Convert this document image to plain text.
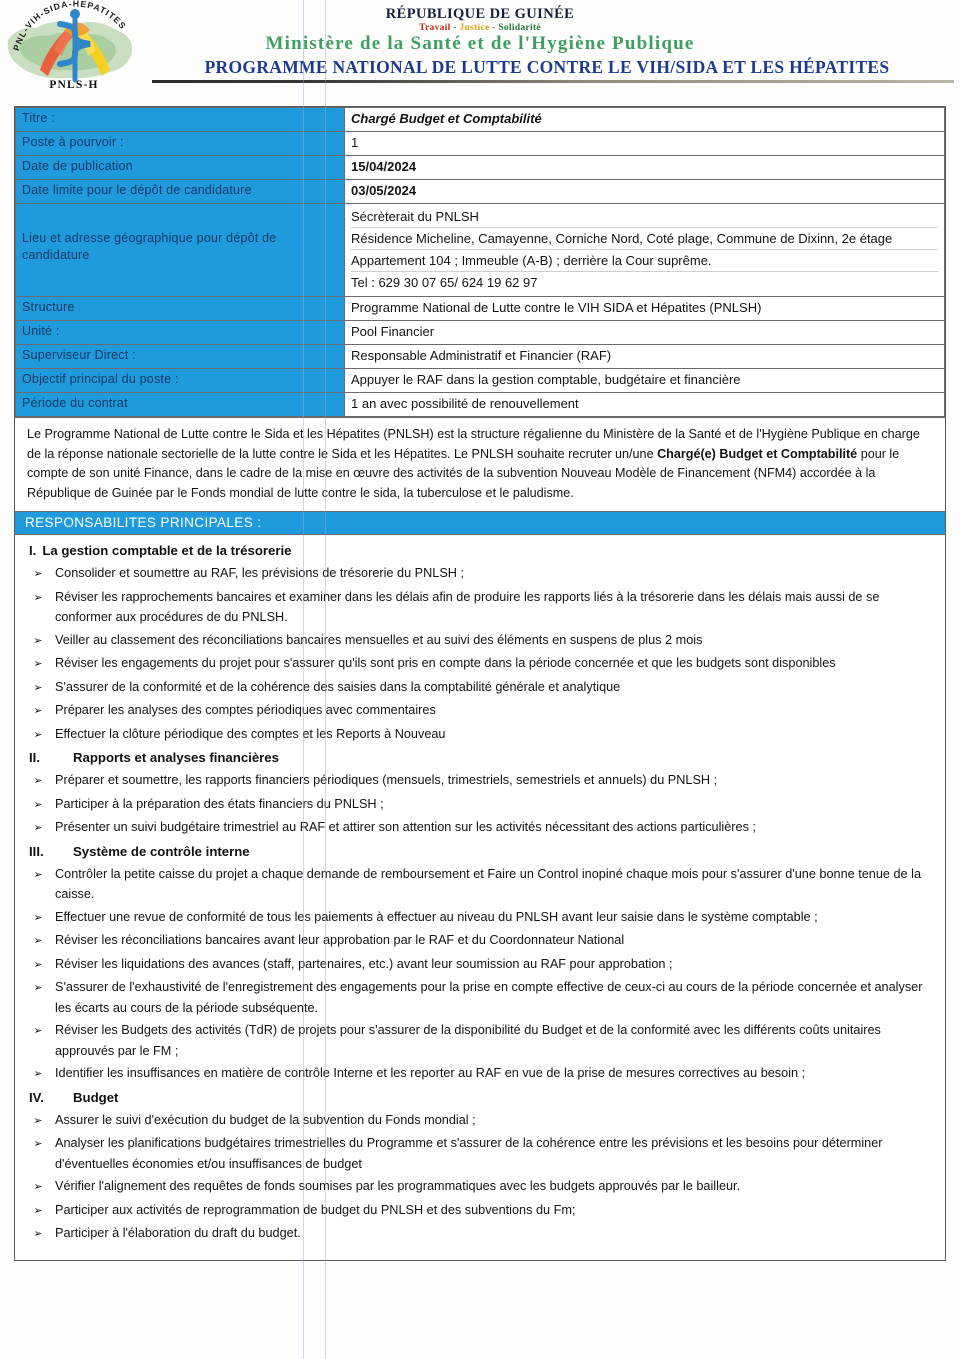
PNL-VIH-SIDA-HEPATITES
PNLS-H
RÉPUBLIQUE DE GUINÉE
Travail - Justice - Solidarité
Ministère de la Santé et de l'Hygiène Publique
PROGRAMME NATIONAL DE LUTTE CONTRE LE VIH/SIDA ET LES HÉPATITES
Titre :	Chargé Budget et Comptabilité
Poste à pourvoir :	1
Date de publication	15/04/2024
Date limite pour le dépôt de candidature	03/05/2024
Lieu et adresse géographique pour dépôt de candidature	Sécrèterait du PNLSH
Résidence Micheline, Camayenne, Corniche Nord, Coté plage, Commune de Dixinn, 2e étage
Appartement 104 ; Immeuble (A-B) ; derrière la Cour suprême.
Tel : 629 30 07 65/ 624 19 62 97

Structure	Programme National de Lutte contre le VIH SIDA et Hépatites (PNLSH)
Unité :	Pool Financier
Superviseur Direct :	Responsable Administratif et Financier (RAF)
Objectif principal du poste :	Appuyer le RAF dans la gestion comptable, budgétaire et financière
Période du contrat	1 an avec possibilité de renouvellement
Le Programme National de Lutte contre le Sida et les Hépatites (PNLSH) est la structure régalienne du Ministère de la Santé et de l'Hygiène Publique en charge de la réponse nationale sectorielle de la lutte contre le Sida et les Hépatites. Le PNLSH souhaite recruter un/une Chargé(e) Budget et Comptabilité pour le compte de son unité Finance, dans le cadre de la mise en œuvre des activités de la subvention Nouveau Modèle de Financement (NFM4) accordée à la République de Guinée par le Fonds mondial de lutte contre le sida, la tuberculose et le paludisme.
RESPONSABILITES PRINCIPALES :
I. La gestion comptable et de la trésorerie
➢ Consolider et soumettre au RAF, les prévisions de trésorerie du PNLSH ;
➢ Réviser les rapprochements bancaires et examiner dans les délais afin de produire les rapports liés à la trésorerie dans les délais mais aussi de se conformer aux procédures de du PNLSH.
➢ Veiller au classement des réconciliations bancaires mensuelles et au suivi des éléments en suspens de plus 2 mois
➢ Réviser les engagements du projet pour s'assurer qu'ils sont pris en compte dans la période concernée et que les budgets sont disponibles
➢ S'assurer de la conformité et de la cohérence des saisies dans la comptabilité générale et analytique
➢ Préparer les analyses des comptes périodiques avec commentaires
➢ Effectuer la clôture périodique des comptes et les Reports à Nouveau
II.	Rapports et analyses financières
➢ Préparer et soumettre, les rapports financiers périodiques (mensuels, trimestriels, semestriels et annuels) du PNLSH ;
➢ Participer à la préparation des états financiers du PNLSH ;
➢ Présenter un suivi budgétaire trimestriel au RAF et attirer son attention sur les activités nécessitant des actions particulières ;
III.	Système de contrôle interne
➢ Contrôler la petite caisse du projet a chaque demande de remboursement et Faire un Control inopiné chaque mois pour s'assurer d'une bonne tenue de la caisse.
➢ Effectuer une revue de conformité de tous les paiements à effectuer au niveau du PNLSH avant leur saisie dans le système comptable ;
➢ Réviser les réconciliations bancaires avant leur approbation par le RAF et du Coordonnateur National
➢ Réviser les liquidations des avances (staff, partenaires, etc.) avant leur soumission au RAF pour approbation ;
➢ S'assurer de l'exhaustivité de l'enregistrement des engagements pour la prise en compte effective de ceux-ci au cours de la période concernée et analyser les écarts au cours de la période subséquente.
➢ Réviser les Budgets des activités (TdR) de projets pour s'assurer de la disponibilité du Budget et de la conformité avec les différents coûts unitaires approuvés par le FM ;
➢ Identifier les insuffisances en matière de contrôle Interne et les reporter au RAF en vue de la prise de mesures correctives au besoin ;
IV.	Budget
➢ Assurer le suivi d'exécution du budget de la subvention du Fonds mondial ;
➢ Analyser les planifications budgétaires trimestrielles du Programme et s'assurer de la cohérence entre les prévisions et les besoins pour déterminer d'éventuelles économies et/ou insuffisances de budget
➢ Vérifier l'alignement des requêtes de fonds soumises par les programmatiques avec les budgets approuvés par le bailleur.
➢ Participer aux activités de reprogrammation de budget du PNLSH et des subventions du Fm;
➢ Participer à l'élaboration du draft du budget.
